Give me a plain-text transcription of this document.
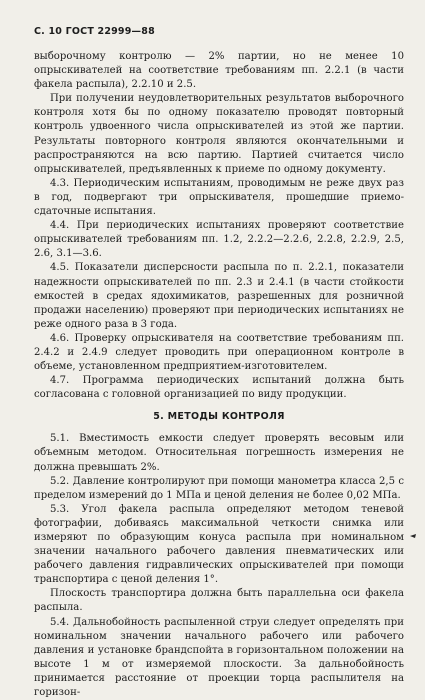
С. 10 ГОСТ 22999—88

выборочному контролю — 2% партии, но не менее 10 опрыскивателей на соответствие требованиям пп. 2.2.1 (в части факела распыла), 2.2.10 и 2.5.

При получении неудовлетворительных результатов выборочного контроля хотя бы по одному показателю проводят повторный контроль удвоенного числа опрыскивателей из этой же партии. Результаты повторного контроля являются окончательными и распространяются на всю партию. Партией считается число опрыскивателей, предъявленных к приеме по одному документу.

4.3. Периодическим испытаниям, проводимым не реже двух раз в год, подвергают три опрыскивателя, прошедшие приемо-сдаточные испытания.

4.4. При периодических испытаниях проверяют соответствие опрыскивателей требованиям пп. 1.2, 2.2.2—2.2.6, 2.2.8, 2.2.9, 2.5, 2.6, 3.1—3.6.

4.5. Показатели дисперсности распыла по п. 2.2.1, показатели надежности опрыскивателей по пп. 2.3 и 2.4.1 (в части стойкости емкостей в средах ядохимикатов, разрешенных для розничной продажи населению) проверяют при периодических испытаниях не реже одного раза в 3 года.

4.6. Проверку опрыскивателя на соответствие требованиям пп. 2.4.2 и 2.4.9 следует проводить при операционном контроле в объеме, установленном предприятием-изготовителем.

4.7. Программа периодических испытаний должна быть согласована с головной организацией по виду продукции.

5. МЕТОДЫ КОНТРОЛЯ

5.1. Вместимость емкости следует проверять весовым или объемным методом. Относительная погрешность измерения не должна превышать 2%.

5.2. Давление контролируют при помощи манометра класса 2,5 с пределом измерений до 1 МПа и ценой деления не более 0,02 МПа.

5.3. Угол факела распыла определяют методом теневой фотографии, добиваясь максимальной четкости снимка или измеряют по образующим конуса распыла при номинальном значении начального рабочего давления пневматических или рабочего давления гидравлических опрыскивателей при помощи транспортира с ценой деления 1°.

Плоскость транспортира должна быть параллельна оси факела распыла.

5.4. Дальнобойность распыленной струи следует определять при номинальном значении начального рабочего или рабочего давления и установке брандспойта в горизонтальном положении на высоте 1 м от измеряемой плоскости. За дальнобойность принимается расстояние от проекции торца распылителя на горизон-
